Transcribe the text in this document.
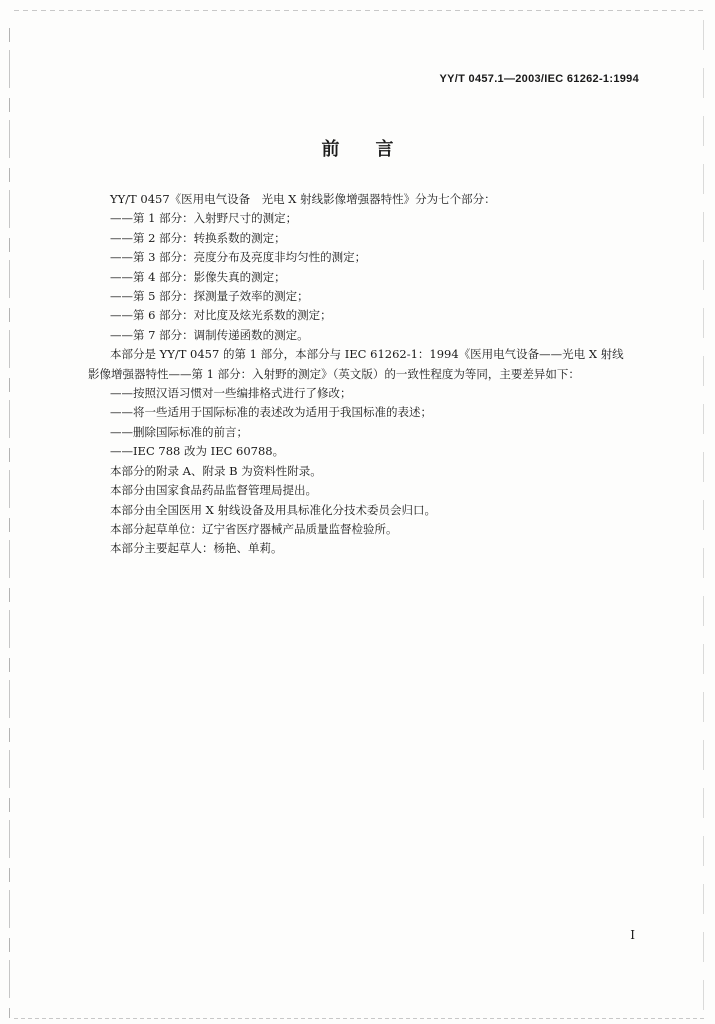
YY/T 0457.1—2003/IEC 61262-1:1994
前言
YY/T 0457《医用电气设备　光电 X 射线影像增强器特性》分为七个部分：
——第 1 部分：入射野尺寸的测定；
——第 2 部分：转换系数的测定；
——第 3 部分：亮度分布及亮度非均匀性的测定；
——第 4 部分：影像失真的测定；
——第 5 部分：探测量子效率的测定；
——第 6 部分：对比度及炫光系数的测定；
——第 7 部分：调制传递函数的测定。
本部分是 YY/T 0457 的第 1 部分，本部分与 IEC 61262-1：1994《医用电气设备——光电 X 射线影像增强器特性——第 1 部分：入射野的测定》（英文版）的一致性程度为等同，主要差异如下：
——按照汉语习惯对一些编排格式进行了修改；
——将一些适用于国际标准的表述改为适用于我国标准的表述；
——删除国际标准的前言；
——IEC 788 改为 IEC 60788。
本部分的附录 A、附录 B 为资料性附录。
本部分由国家食品药品监督管理局提出。
本部分由全国医用 X 射线设备及用具标准化分技术委员会归口。
本部分起草单位：辽宁省医疗器械产品质量监督检验所。
本部分主要起草人：杨艳、单莉。
I
